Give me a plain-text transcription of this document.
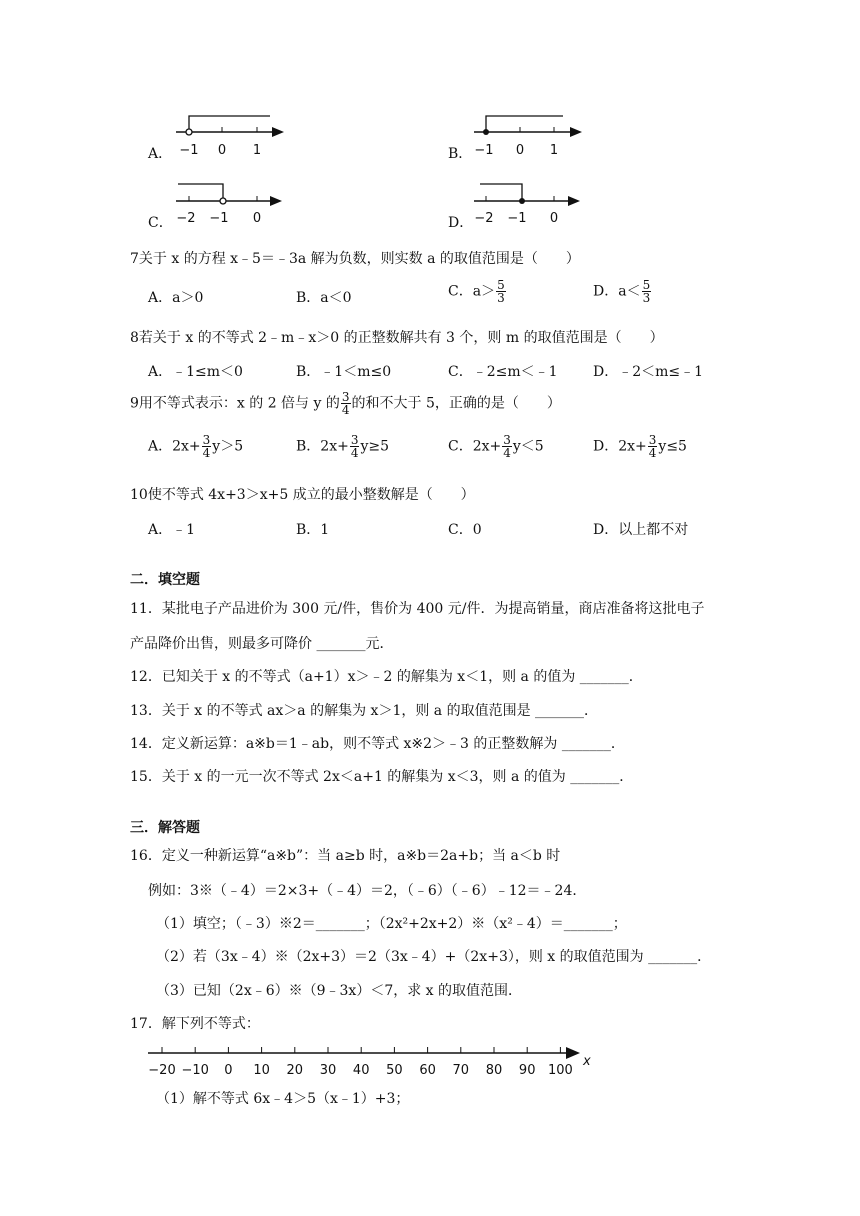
A． −1 0 1	B． −1 0 1
C． −2 −1 0	D． −2 −1 0
7关于 x 的方程 x﹣5＝﹣3a 解为负数，则实数 a 的取值范围是（　　）
A．a＞0	B．a＜0	C．$a> \frac{5}{3}$	D．$a< \frac{5}{3}$
8若关于 x 的不等式 2﹣m﹣x＞0 的正整数解共有 3 个，则 m 的取值范围是（　　）
A．﹣1≤m＜0	B．﹣1＜m≤0	C．﹣2≤m＜﹣1	D．﹣2＜m≤﹣1
9用不等式表示：x 的 2 倍与 y 的 $\frac{3}{4}$ 的和不大于 5，正确的是（　　）
A．$2x+ \frac{3}{4} y>5$	B．$2x+ \frac{3}{4} y\ge 5$	C．$2x+ \frac{3}{4} y<5$	D．$2x+ \frac{3}{4} y\le 5$
10使不等式 4x+3＞x+5 成立的最小整数解是（　　）
A．﹣1	B．1	C．0	D．以上都不对
二．填空题
11．某批电子产品进价为 300 元/件，售价为 400 元/件．为提高销量，商店准备将这批电子
产品降价出售，则最多可降价 _______元．
12．已知关于 x 的不等式（a+1）x＞﹣2 的解集为 x＜1，则 a 的值为 _______．
13．关于 x 的不等式 ax＞a 的解集为 x＞1，则 a 的取值范围是 _______．
14．定义新运算：a※b＝1﹣ab，则不等式 x※2＞﹣3 的正整数解为 _______．
15．关于 x 的一元一次不等式 2x＜a+1 的解集为 x＜3，则 a 的值为 _______．
三．解答题
16．定义一种新运算“a※b”：当 a≥b 时，a※b＝2a+b；当 a＜b 时
例如：3※（﹣4）＝2×3+（﹣4）＝2，（﹣6）（﹣6）﹣12＝﹣24．
（1）填空；（﹣3）※2＝_______；（2x²+2x+2）※（x²﹣4）＝_______；
（2）若（3x﹣4）※（2x+3）＝2（3x﹣4）+（2x+3），则 x 的取值范围为 _______．
（3）已知（2x﹣6）※（9﹣3x）＜7，求 x 的取值范围．
17．解下列不等式：
−20 −10 0 10 20 30 40 50 60 70 80 90 100
x
（1）解不等式 6x﹣4＞5（x﹣1）+3；
